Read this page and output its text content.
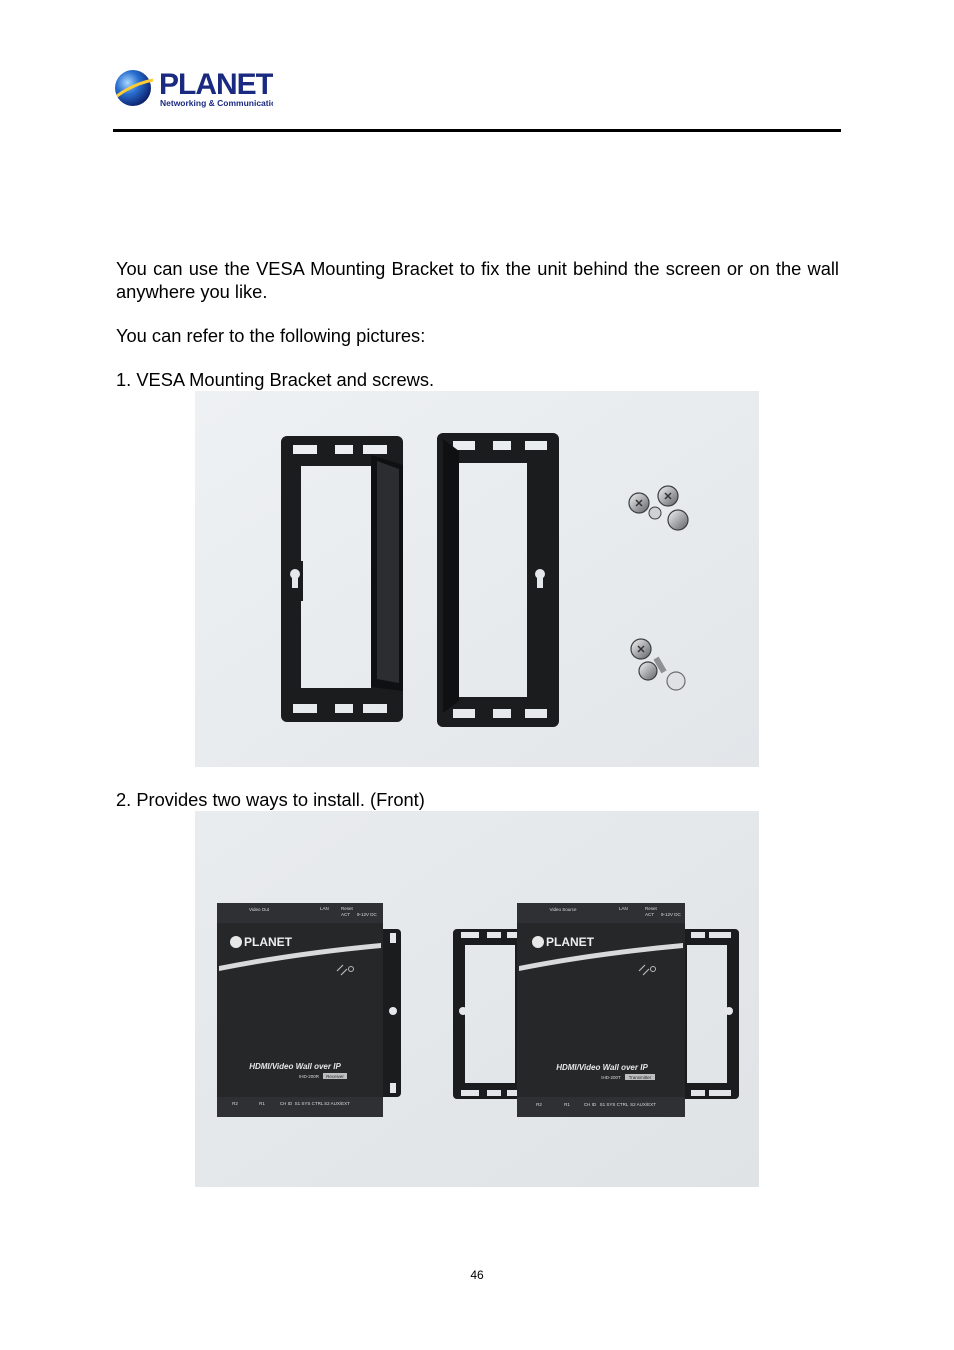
PLANET
Networking & Communication
You can use the VESA Mounting Bracket to fix the unit behind the screen or on the wall anywhere you like.
You can refer to the following pictures:
1. VESA Mounting Bracket and screws.
2. Provides two ways to install. (Front)
Video Out	LAN	Reset
ACT 9-12V DC
PLANET
HDMI/Video Wall over IP
IHD-200R Receiver
R2	R1	CH ID S1 SYS CTRL S2 AUX/EXT
Video Source	LAN	Reset
ACT 9-12V DC
PLANET
HDMI/Video Wall over IP
IHD-200T Transmitter
R2	R1	CH ID S1 SYS CTRL S2 AUX/EXT
46
